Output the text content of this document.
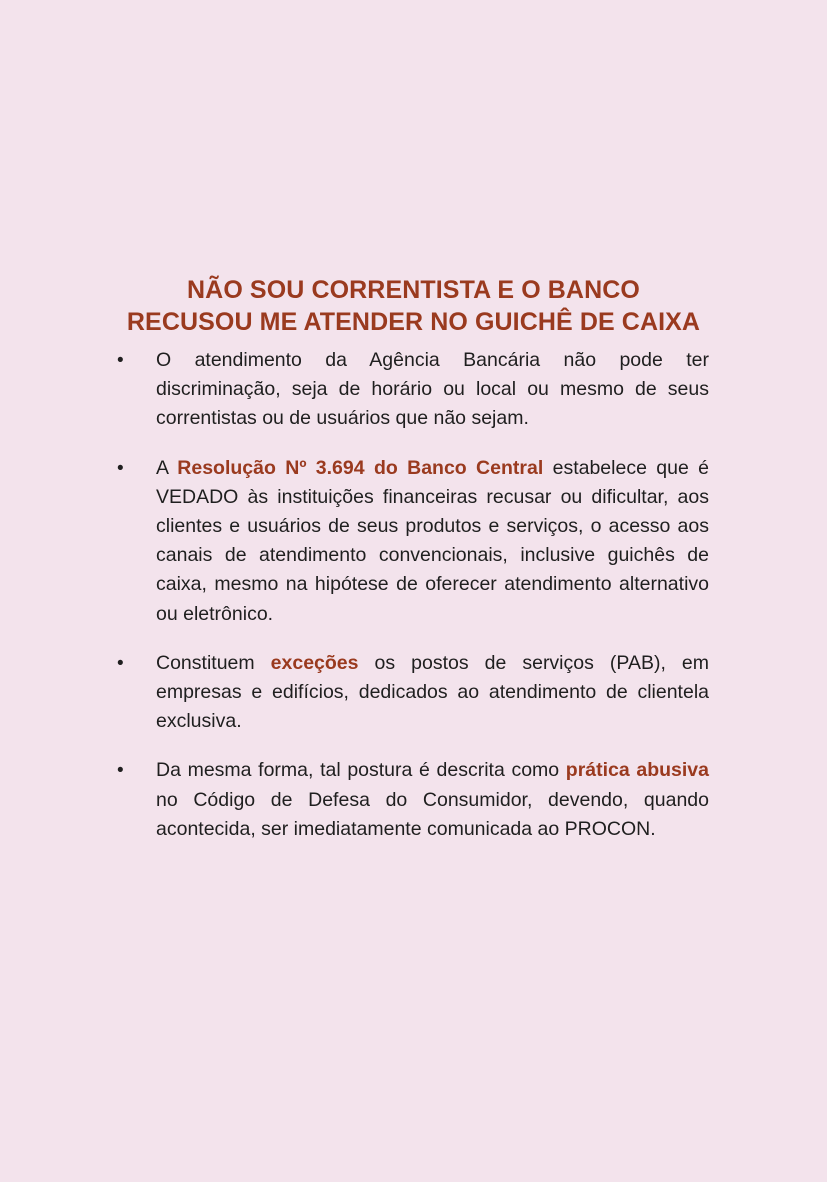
NÃO SOU CORRENTISTA E O BANCO
RECUSOU ME ATENDER NO GUICHÊ DE CAIXA
• O atendimento da Agência Bancária não pode ter discriminação, seja de horário ou local ou mesmo de seus correntistas ou de usuários que não sejam.
• A Resolução Nº 3.694 do Banco Central estabelece que é VEDADO às instituições financeiras recusar ou dificultar, aos clientes e usuários de seus produtos e serviços, o acesso aos canais de atendimento convencionais, inclusive guichês de caixa, mesmo na hipótese de oferecer atendimento alternativo ou eletrônico.
• Constituem exceções os postos de serviços (PAB), em empresas e edifícios, dedicados ao atendimento de clientela exclusiva.
• Da mesma forma, tal postura é descrita como prática abusiva no Código de Defesa do Consumidor, devendo, quando acontecida, ser imediatamente comunicada ao PROCON.
